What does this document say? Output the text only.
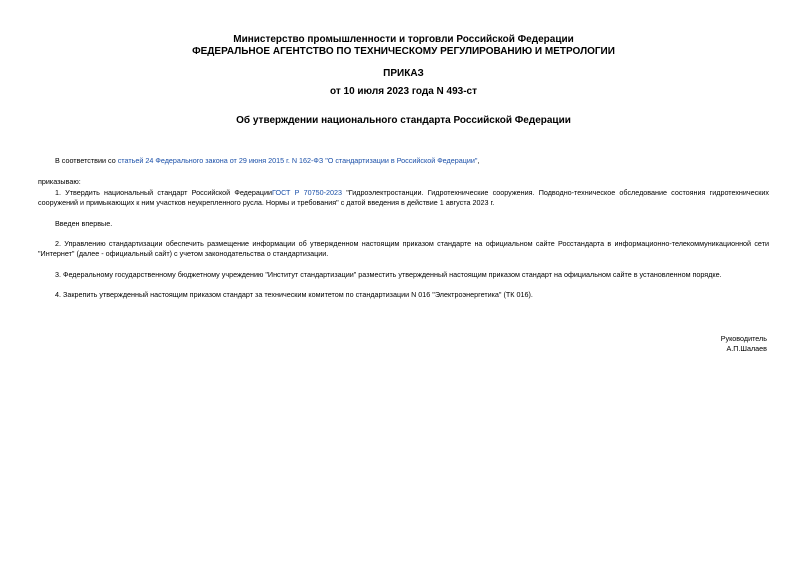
Министерство промышленности и торговли Российской Федерации
ФЕДЕРАЛЬНОЕ АГЕНТСТВО ПО ТЕХНИЧЕСКОМУ РЕГУЛИРОВАНИЮ И МЕТРОЛОГИИ
ПРИКАЗ
от 10 июля 2023 года N 493-ст
Об утверждении национального стандарта Российской Федерации
В соответствии со статьей 24 Федерального закона от 29 июня 2015 г. N 162-ФЗ "О стандартизации в Российской Федерации",
приказываю:
1. Утвердить национальный стандарт Российской ФедерацииГОСТ Р 70750-2023 "Гидроэлектростанции. Гидротехнические сооружения. Подводно-техническое обследование состояния гидротехнических сооружений и примыкающих к ним участков неукрепленного русла. Нормы и требования" с датой введения в действие 1 августа 2023 г.
Введен впервые.
2. Управлению стандартизации обеспечить размещение информации об утвержденном настоящим приказом стандарте на официальном сайте Росстандарта в информационно-телекоммуникационной сети "Интернет" (далее - официальный сайт) с учетом законодательства о стандартизации.
3. Федеральному государственному бюджетному учреждению "Институт стандартизации" разместить утвержденный настоящим приказом стандарт на официальном сайте в установленном порядке.
4. Закрепить утвержденный настоящим приказом стандарт за техническим комитетом по стандартизации N 016 "Электроэнергетика" (ТК 016).
Руководитель
А.П.Шалаев
